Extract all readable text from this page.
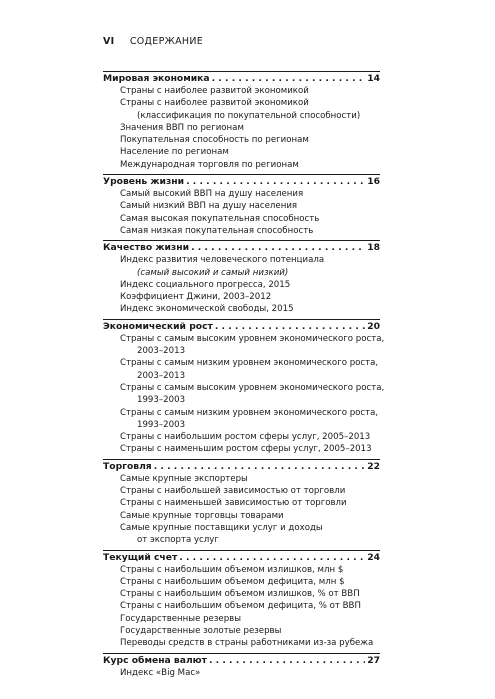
VI СОДЕРЖАНИЕ
Мировая экономика . . .	14
Страны с наиболее развитой экономикой
Страны с наиболее развитой экономикой
(классификация по покупательной способности)
Значения ВВП по регионам
Покупательная способность по регионам
Население по регионам
Международная торговля по регионам
Уровень жизни . . .	16
Самый высокий ВВП на душу населения
Самый низкий ВВП на душу населения
Самая высокая покупательная способность
Самая низкая покупательная способность
Качество жизни . . .	18
Индекс развития человеческого потенциала
(самый высокий и самый низкий)
Индекс социального прогресса, 2015
Коэффициент Джини, 2003–2012
Индекс экономической свободы, 2015
Экономический рост . . .	20
Страны с самым высоким уровнем экономического роста,
2003–2013
Страны с самым низким уровнем экономического роста,
2003–2013
Страны с самым высоким уровнем экономического роста,
1993–2003
Страны с самым низким уровнем экономического роста,
1993–2003
Страны с наибольшим ростом сферы услуг, 2005–2013
Страны с наименьшим ростом сферы услуг, 2005–2013
Торговля . . .	22
Самые крупные экспортеры
Страны с наибольшей зависимостью от торговли
Страны с наименьшей зависимостью от торговли
Самые крупные торговцы товарами
Самые крупные поставщики услуг и доходы
от экспорта услуг
Текущий счет . . .	24
Страны с наибольшим объемом излишков, млн $
Страны с наибольшим объемом дефицита, млн $
Страны с наибольшим объемом излишков, % от ВВП
Страны с наибольшим объемом дефицита, % от ВВП
Государственные резервы
Государственные золотые резервы
Переводы средств в страны работниками из-за рубежа
Курс обмена валют . . .	27
Индекс «Big Mac»
